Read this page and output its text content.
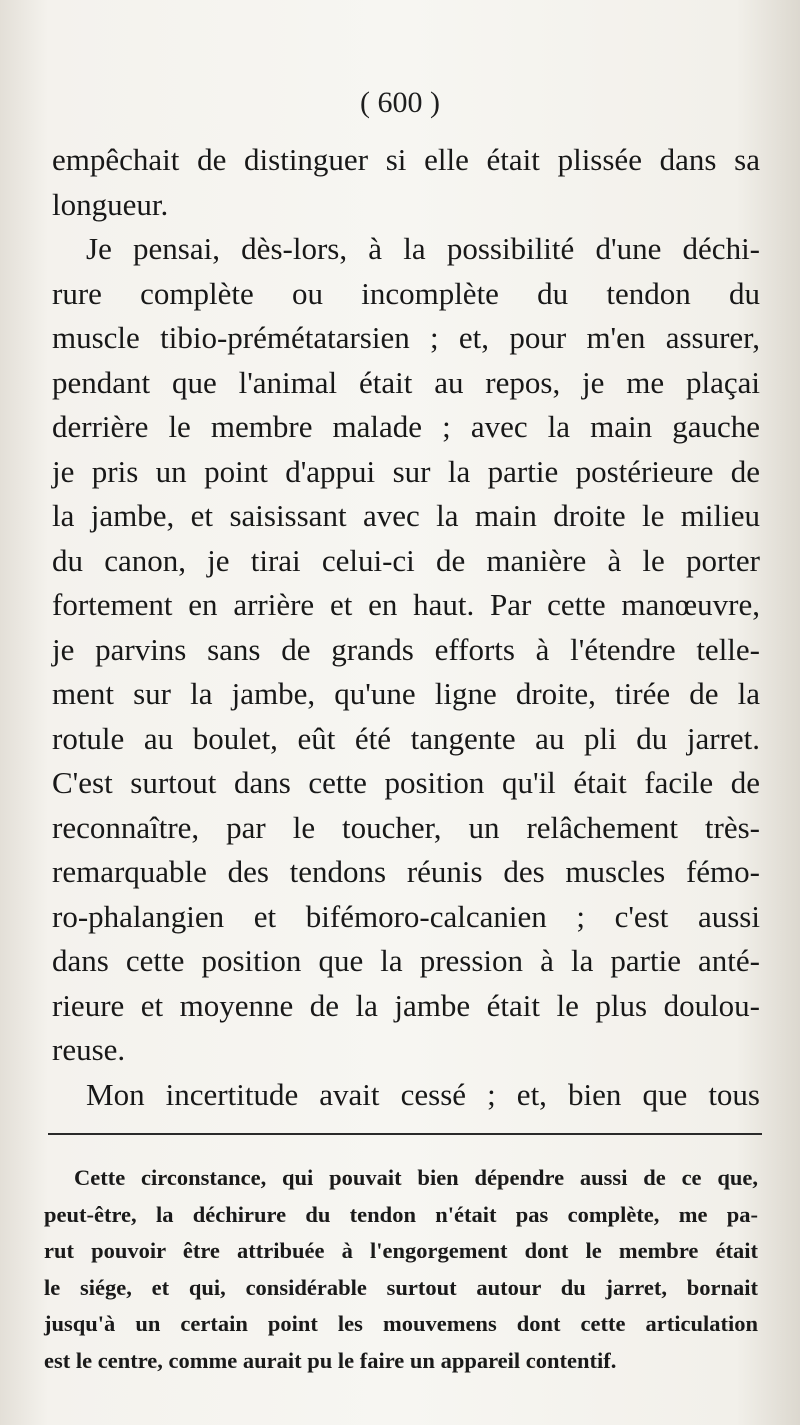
( 600 )
empêchait de distinguer si elle était plissée dans sa
longueur.
Je pensai, dès-lors, à la possibilité d'une déchi-
rure complète ou incomplète du tendon du
muscle tibio-prémétatarsien ; et, pour m'en assurer,
pendant que l'animal était au repos, je me plaçai
derrière le membre malade ; avec la main gauche
je pris un point d'appui sur la partie postérieure de
la jambe, et saisissant avec la main droite le milieu
du canon, je tirai celui-ci de manière à le porter
fortement en arrière et en haut. Par cette manœuvre,
je parvins sans de grands efforts à l'étendre telle-
ment sur la jambe, qu'une ligne droite, tirée de la
rotule au boulet, eût été tangente au pli du jarret.
C'est surtout dans cette position qu'il était facile de
reconnaître, par le toucher, un relâchement très-
remarquable des tendons réunis des muscles fémo-
ro-phalangien et bifémoro-calcanien ; c'est aussi
dans cette position que la pression à la partie anté-
rieure et moyenne de la jambe était le plus doulou-
reuse.
Mon incertitude avait cessé ; et, bien que tous
Cette circonstance, qui pouvait bien dépendre aussi de ce que,
peut-être, la déchirure du tendon n'était pas complète, me pa-
rut pouvoir être attribuée à l'engorgement dont le membre était
le siége, et qui, considérable surtout autour du jarret, bornait
jusqu'à un certain point les mouvemens dont cette articulation
est le centre, comme aurait pu le faire un appareil contentif.
